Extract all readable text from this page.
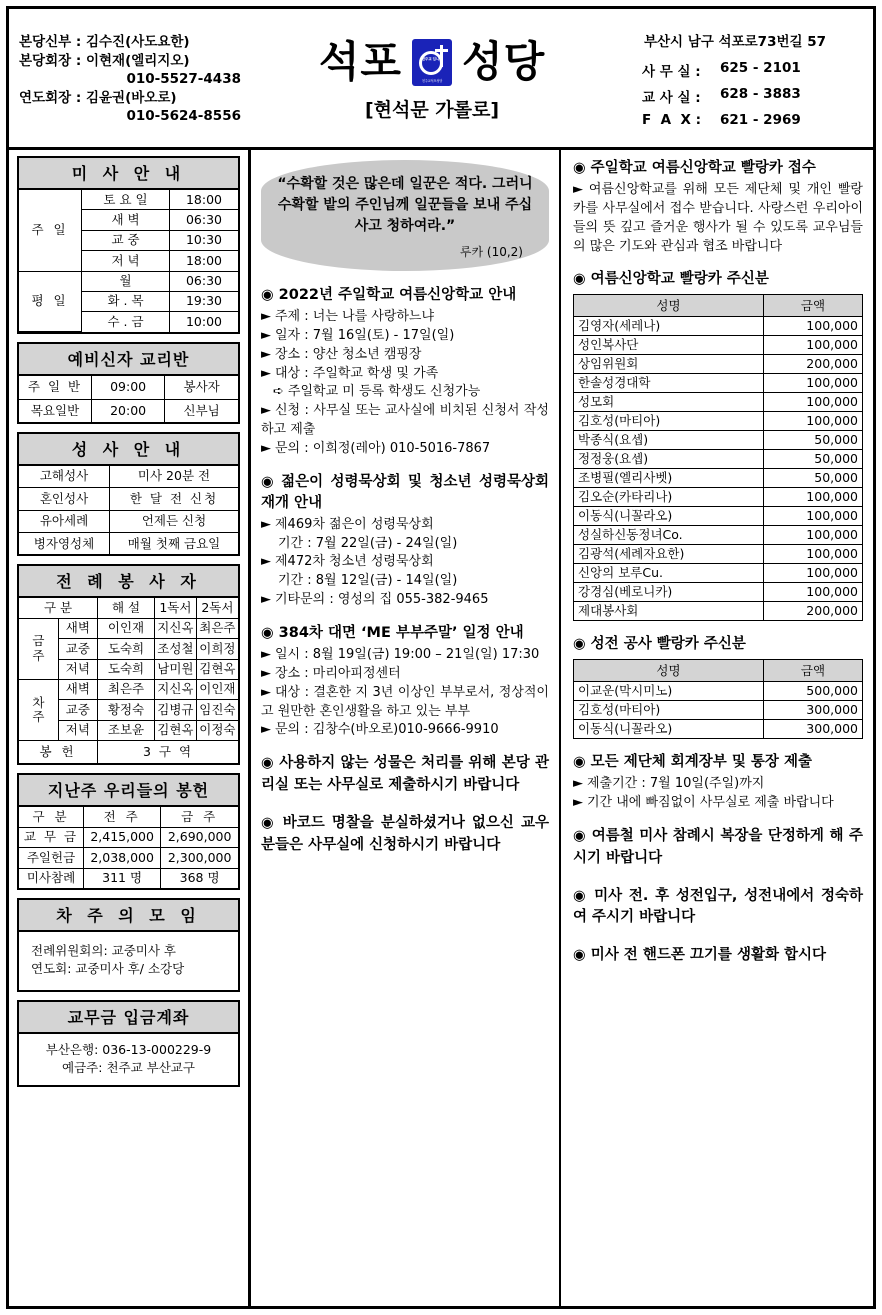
본당신부 : 김수진(사도요한)
본당회장 : 이현재(엘리지오)
010-5527-4438
연도회장 : 김윤권(바오로)
010-5624-8556
석포	천주교 입니다
천주교석포성당 성당
[현석문 가롤로]
부산시 남구 석포로73번길 57
사 무 실 :	625 - 2101
교 사 실 :	628 - 3883
F  A  X :	621 - 2969
미 사 안 내
주 일	토 요 일	18:00
	새 벽	06:30
	교 중	10:30
	저 녁	18:00
평 일	월	06:30
	화 . 목	19:30
	수 . 금	10:00
예비신자 교리반
주 일 반	09:00	봉사자
목요일반	20:00	신부님
성 사 안 내
고해성사	미사 20분 전
혼인성사	한 달 전 신청
유아세례	언제든 신청
병자영성체	매월 첫째 금요일
전 례 봉 사 자
구 분		해 설	1독서	2독서
금
주	새벽	이인재	지신옥	최은주
	교중	도숙희	조성철	이희정
	저녁	도숙희	남미원	김현옥
차
주	새벽	최은주	지신옥	이인재
	교중	황정숙	김병규	임진숙
	저녁	조보윤	김현옥	이정숙
봉 헌		3 구 역		
지난주 우리들의 봉헌
구 분	전 주	금 주
교 무 금	2,415,000	2,690,000
주일헌금	2,038,000	2,300,000
미사참례	311 명	368 명
차 주 의 모 임
전례위원회의: 교중미사 후
연도회: 교중미사 후/ 소강당
교무금 입금계좌
부산은행: 036-13-000229-9
예금주: 천주교 부산교구

“수확할 것은 많은데 일꾼은 적다. 그러니 수확할 밭의 주인님께 일꾼들을 보내 주십사고 청하여라.”

루카 (10,2)

◉ 2022년 주일학교 여름신앙학교 안내

► 주제 : 너는 나를 사랑하느냐

► 일자 : 7월 16일(토) - 17일(일)

► 장소 : 양산 청소년 캠핑장

► 대상 : 주일학교 학생 및 가족

➪ 주일학교 미 등록 학생도 신청가능

► 신청 : 사무실 또는 교사실에 비치된 신청서 작성하고 제출

► 문의 : 이희정(레아) 010-5016-7867

◉ 젊은이 성령묵상회 및 청소년 성령묵상회 재개 안내

► 제469차 젊은이 성령묵상회

기간 : 7월 22일(금) - 24일(일)

► 제472차 청소년 성령묵상회

기간 : 8월 12일(금) - 14일(일)

► 기타문의 : 영성의 집 055-382-9465

◉ 384차 대면 ‘ME 부부주말’ 일정 안내

► 일시 : 8월 19일(금) 19:00 – 21일(일) 17:30

► 장소 : 마리아피정센터

► 대상 : 결혼한 지 3년 이상인 부부로서, 정상적이고 원만한 혼인생활을 하고 있는 부부

► 문의 : 김창수(바오로)010-9666-9910

◉ 사용하지 않는 성물은 처리를 위해 본당 관리실 또는 사무실로 제출하시기 바랍니다
◉ 바코드 명찰을 분실하셨거나 없으신 교우분들은 사무실에 신청하시기 바랍니다
◉ 주일학교 여름신앙학교 빨랑카 접수

► 여름신앙학교를 위해 모든 제단체 및 개인 빨랑카를 사무실에서 접수 받습니다. 사랑스런 우리아이들의 뜻 깊고 즐거운 행사가 될 수 있도록 교우님들의 많은 기도와 관심과 협조 바랍니다

◉ 여름신앙학교 빨랑카 주신분
성명	금액
김영자(세레나)	100,000
성인복사단	100,000
상임위원회	200,000
한솔성경대학	100,000
성모회	100,000
김호성(마티아)	100,000
박종식(요셉)	50,000
정정웅(요셉)	50,000
조병필(엘리사벳)	50,000
김오순(카타리나)	100,000
이동식(니꼴라오)	100,000
성실하신동정녀Co.	100,000
김광석(세례자요한)	100,000
신앙의 보루Cu.	100,000
강경심(베로니카)	100,000
제대봉사회	200,000
◉ 성전 공사 빨랑카 주신분
성명	금액
이교운(막시미노)	500,000
김호성(마티아)	300,000
이동식(니꼴라오)	300,000
◉ 모든 제단체 회계장부 및 통장 제출

► 제출기간 : 7월 10일(주일)까지

► 기간 내에 빠짐없이 사무실로 제출 바랍니다

◉ 여름철 미사 참례시 복장을 단정하게 해 주시기 바랍니다
◉ 미사 전. 후 성전입구, 성전내에서 정숙하여 주시기 바랍니다
◉ 미사 전 핸드폰 끄기를 생활화 합시다
